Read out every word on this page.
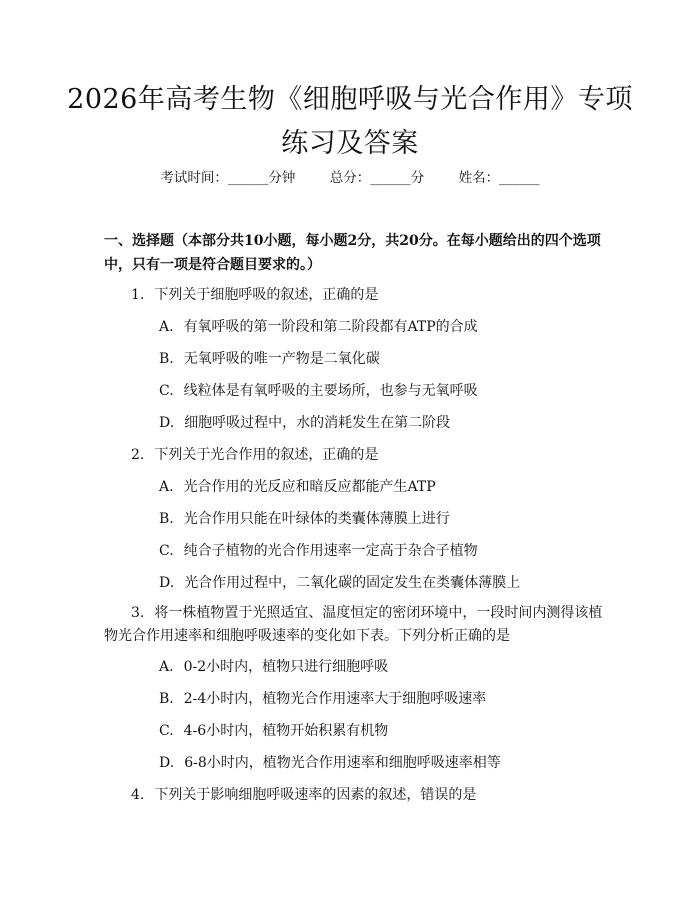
2026年高考生物《细胞呼吸与光合作用》专项练习及答案
考试时间：______分钟	总分：______分	姓名：______
一、选择题（本部分共10小题，每小题2分，共20分。在每小题给出的四个选项中，只有一项是符合题目要求的。）
1. 下列关于细胞呼吸的叙述，正确的是
A. 有氧呼吸的第一阶段和第二阶段都有ATP的合成
B. 无氧呼吸的唯一产物是二氧化碳
C. 线粒体是有氧呼吸的主要场所，也参与无氧呼吸
D. 细胞呼吸过程中，水的消耗发生在第二阶段
2. 下列关于光合作用的叙述，正确的是
A. 光合作用的光反应和暗反应都能产生ATP
B. 光合作用只能在叶绿体的类囊体薄膜上进行
C. 纯合子植物的光合作用速率一定高于杂合子植物
D. 光合作用过程中，二氧化碳的固定发生在类囊体薄膜上
3. 将一株植物置于光照适宜、温度恒定的密闭环境中，一段时间内测得该植物光合作用速率和细胞呼吸速率的变化如下表。下列分析正确的是
A. 0-2小时内，植物只进行细胞呼吸
B. 2-4小时内，植物光合作用速率大于细胞呼吸速率
C. 4-6小时内，植物开始积累有机物
D. 6-8小时内，植物光合作用速率和细胞呼吸速率相等
4. 下列关于影响细胞呼吸速率的因素的叙述，错误的是
